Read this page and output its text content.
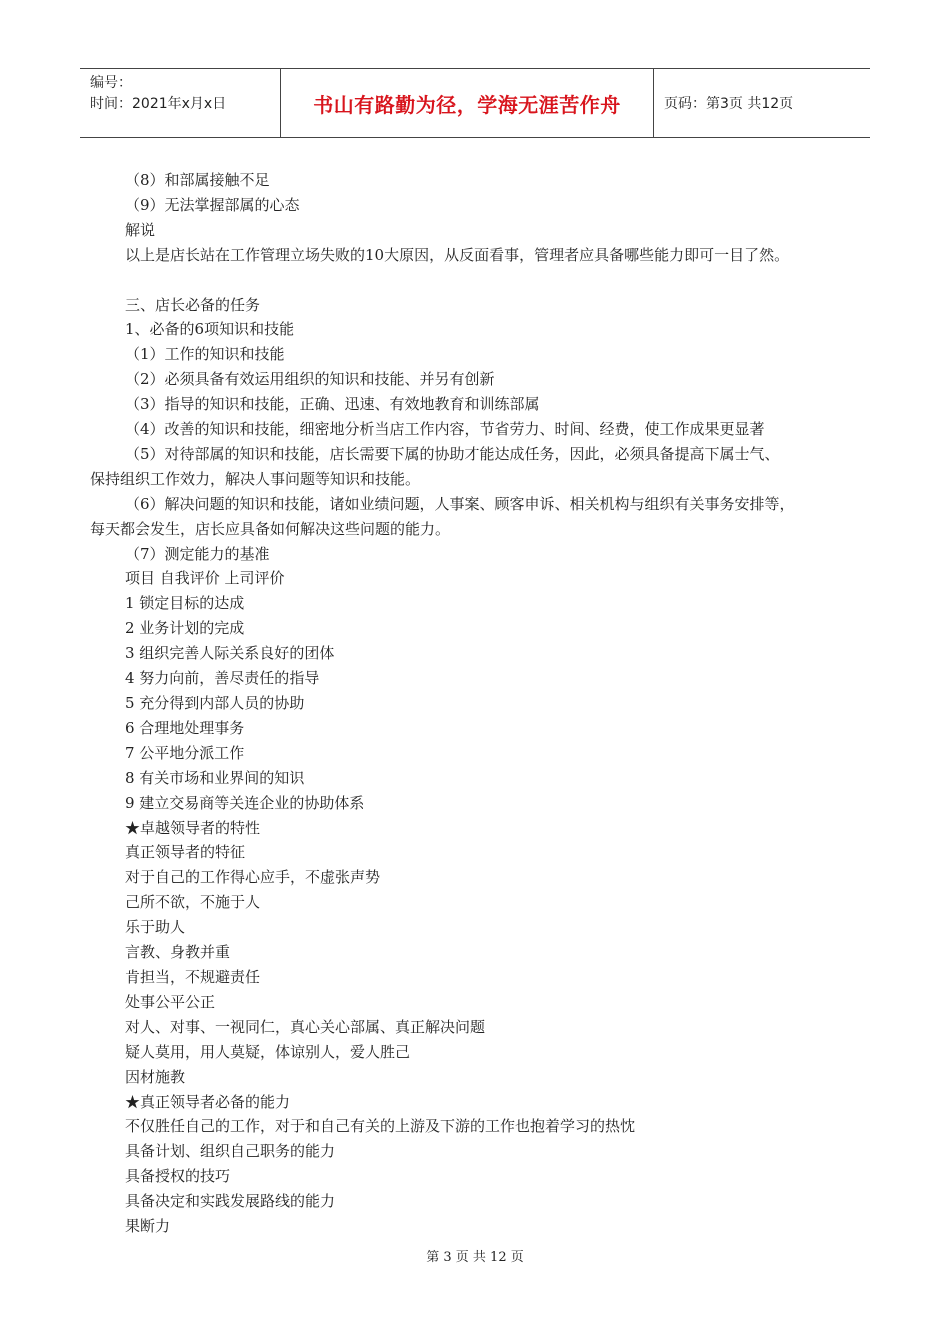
编号：
时间：2021年x月x日	书山有路勤为径，学海无涯苦作舟	页码：第3页 共12页
（8）和部属接触不足
（9）无法掌握部属的心态
解说
以上是店长站在工作管理立场失败的10大原因，从反面看事，管理者应具备哪些能力即可一目了然。
三、店长必备的任务
1、必备的6项知识和技能
（1）工作的知识和技能
（2）必须具备有效运用组织的知识和技能、并另有创新
（3）指导的知识和技能，正确、迅速、有效地教育和训练部属
（4）改善的知识和技能，细密地分析当店工作内容，节省劳力、时间、经费，使工作成果更显著
（5）对待部属的知识和技能，店长需要下属的协助才能达成任务，因此，必须具备提高下属士气、
保持组织工作效力，解决人事问题等知识和技能。
（6）解决问题的知识和技能，诸如业绩问题，人事案、顾客申诉、相关机构与组织有关事务安排等，
每天都会发生，店长应具备如何解决这些问题的能力。
（7）测定能力的基准
项目 自我评价 上司评价
1 锁定目标的达成
2 业务计划的完成
3 组织完善人际关系良好的团体
4 努力向前，善尽责任的指导
5 充分得到内部人员的协助
6 合理地处理事务
7 公平地分派工作
8 有关市场和业界间的知识
9 建立交易商等关连企业的协助体系
★卓越领导者的特性
真正领导者的特征
对于自己的工作得心应手，不虚张声势
己所不欲，不施于人
乐于助人
言教、身教并重
肯担当，不规避责任
处事公平公正
对人、对事、一视同仁，真心关心部属、真正解决问题
疑人莫用，用人莫疑，体谅别人，爱人胜己
因材施教
★真正领导者必备的能力
不仅胜任自己的工作，对于和自己有关的上游及下游的工作也抱着学习的热忱
具备计划、组织自己职务的能力
具备授权的技巧
具备决定和实践发展路线的能力
果断力
第 3 页 共 12 页
